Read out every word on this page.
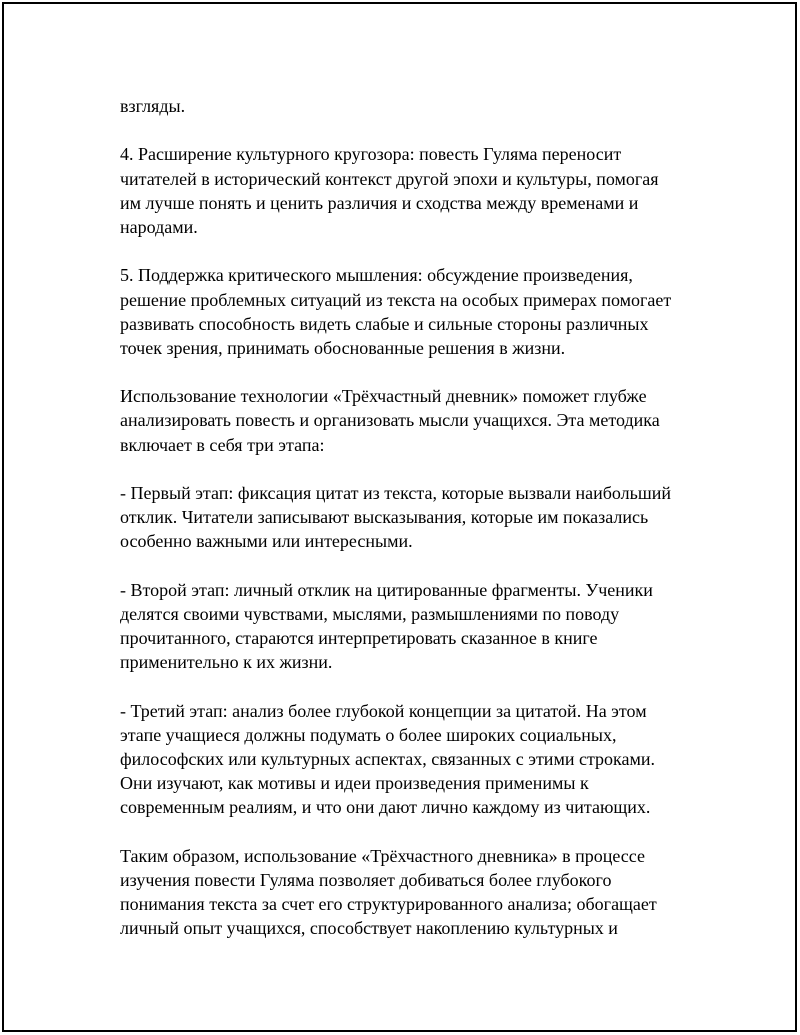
взгляды.
4. Расширение культурного кругозора: повесть Гуляма переносит
читателей в исторический контекст другой эпохи и культуры, помогая
им лучше понять и ценить различия и сходства между временами и
народами.
5. Поддержка критического мышления: обсуждение произведения,
решение проблемных ситуаций из текста на особых примерах помогает
развивать способность видеть слабые и сильные стороны различных
точек зрения, принимать обоснованные решения в жизни.
Использование технологии «Трёхчастный дневник» поможет глубже
анализировать повесть и организовать мысли учащихся. Эта методика
включает в себя три этапа:
- Первый этап: фиксация цитат из текста, которые вызвали наибольший
отклик. Читатели записывают высказывания, которые им показались
особенно важными или интересными.
- Второй этап: личный отклик на цитированные фрагменты. Ученики
делятся своими чувствами, мыслями, размышлениями по поводу
прочитанного, стараются интерпретировать сказанное в книге
применительно к их жизни.
- Третий этап: анализ более глубокой концепции за цитатой. На этом
этапе учащиеся должны подумать о более широких социальных,
философских или культурных аспектах, связанных с этими строками.
Они изучают, как мотивы и идеи произведения применимы к
современным реалиям, и что они дают лично каждому из читающих.
Таким образом, использование «Трёхчастного дневника» в процессе
изучения повести Гуляма позволяет добиваться более глубокого
понимания текста за счет его структурированного анализа; обогащает
личный опыт учащихся, способствует накоплению культурных и
